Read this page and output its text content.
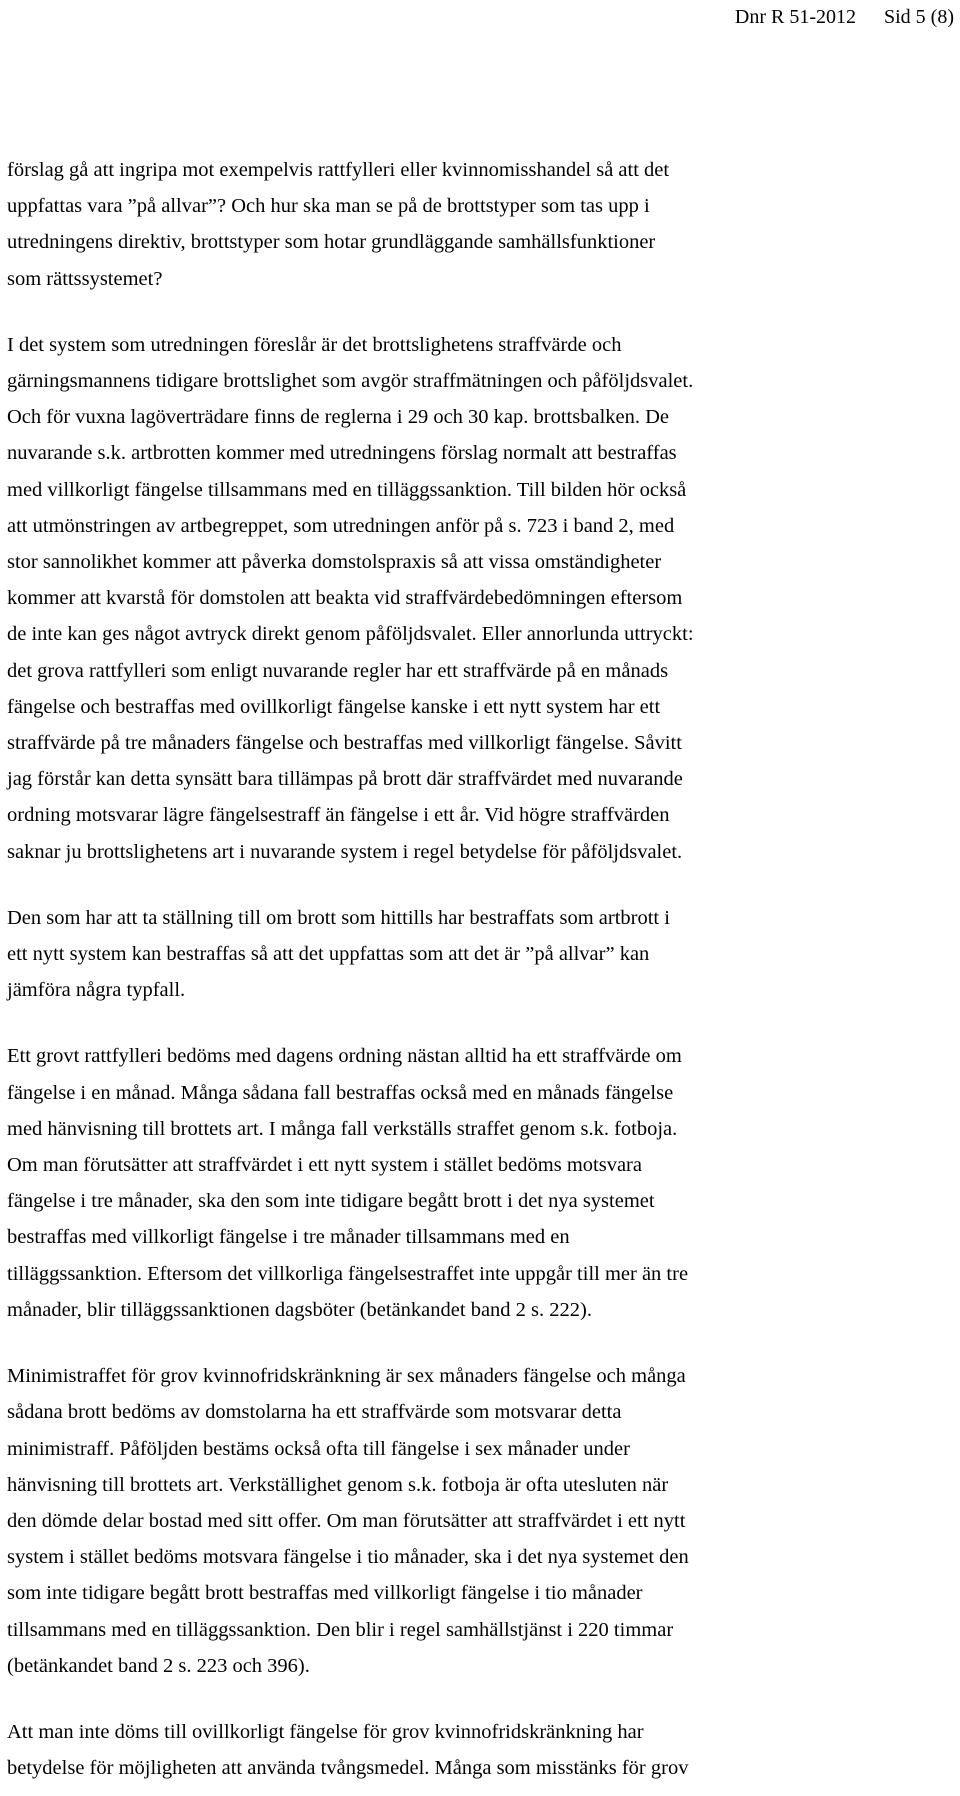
Dnr R 51-2012 Sid 5 (8)

förslag gå att ingripa mot exempelvis rattfylleri eller kvinnomisshandel så att det
uppfattas vara ”på allvar”? Och hur ska man se på de brottstyper som tas upp i
utredningens direktiv, brottstyper som hotar grundläggande samhällsfunktioner
som rättssystemet?

I det system som utredningen föreslår är det brottslighetens straffvärde och
gärningsmannens tidigare brottslighet som avgör straffmätningen och påföljdsvalet.
Och för vuxna lagöverträdare finns de reglerna i 29 och 30 kap. brottsbalken. De
nuvarande s.k. artbrotten kommer med utredningens förslag normalt att bestraffas
med villkorligt fängelse tillsammans med en tilläggssanktion. Till bilden hör också
att utmönstringen av artbegreppet, som utredningen anför på s. 723 i band 2, med
stor sannolikhet kommer att påverka domstolspraxis så att vissa omständigheter
kommer att kvarstå för domstolen att beakta vid straffvärdebedömningen eftersom
de inte kan ges något avtryck direkt genom påföljdsvalet. Eller annorlunda uttryckt:
det grova rattfylleri som enligt nuvarande regler har ett straffvärde på en månads
fängelse och bestraffas med ovillkorligt fängelse kanske i ett nytt system har ett
straffvärde på tre månaders fängelse och bestraffas med villkorligt fängelse. Såvitt
jag förstår kan detta synsätt bara tillämpas på brott där straffvärdet med nuvarande
ordning motsvarar lägre fängelsestraff än fängelse i ett år. Vid högre straffvärden
saknar ju brottslighetens art i nuvarande system i regel betydelse för påföljdsvalet.

Den som har att ta ställning till om brott som hittills har bestraffats som artbrott i
ett nytt system kan bestraffas så att det uppfattas som att det är ”på allvar” kan
jämföra några typfall.

Ett grovt rattfylleri bedöms med dagens ordning nästan alltid ha ett straffvärde om
fängelse i en månad. Många sådana fall bestraffas också med en månads fängelse
med hänvisning till brottets art. I många fall verkställs straffet genom s.k. fotboja.
Om man förutsätter att straffvärdet i ett nytt system i stället bedöms motsvara
fängelse i tre månader, ska den som inte tidigare begått brott i det nya systemet
bestraffas med villkorligt fängelse i tre månader tillsammans med en
tilläggssanktion. Eftersom det villkorliga fängelsestraffet inte uppgår till mer än tre
månader, blir tilläggssanktionen dagsböter (betänkandet band 2 s. 222).

Minimistraffet för grov kvinnofridskränkning är sex månaders fängelse och många
sådana brott bedöms av domstolarna ha ett straffvärde som motsvarar detta
minimistraff. Påföljden bestäms också ofta till fängelse i sex månader under
hänvisning till brottets art. Verkställighet genom s.k. fotboja är ofta utesluten när
den dömde delar bostad med sitt offer. Om man förutsätter att straffvärdet i ett nytt
system i stället bedöms motsvara fängelse i tio månader, ska i det nya systemet den
som inte tidigare begått brott bestraffas med villkorligt fängelse i tio månader
tillsammans med en tilläggssanktion. Den blir i regel samhällstjänst i 220 timmar
(betänkandet band 2 s. 223 och 396).

Att man inte döms till ovillkorligt fängelse för grov kvinnofridskränkning har
betydelse för möjligheten att använda tvångsmedel. Många som misstänks för grov
